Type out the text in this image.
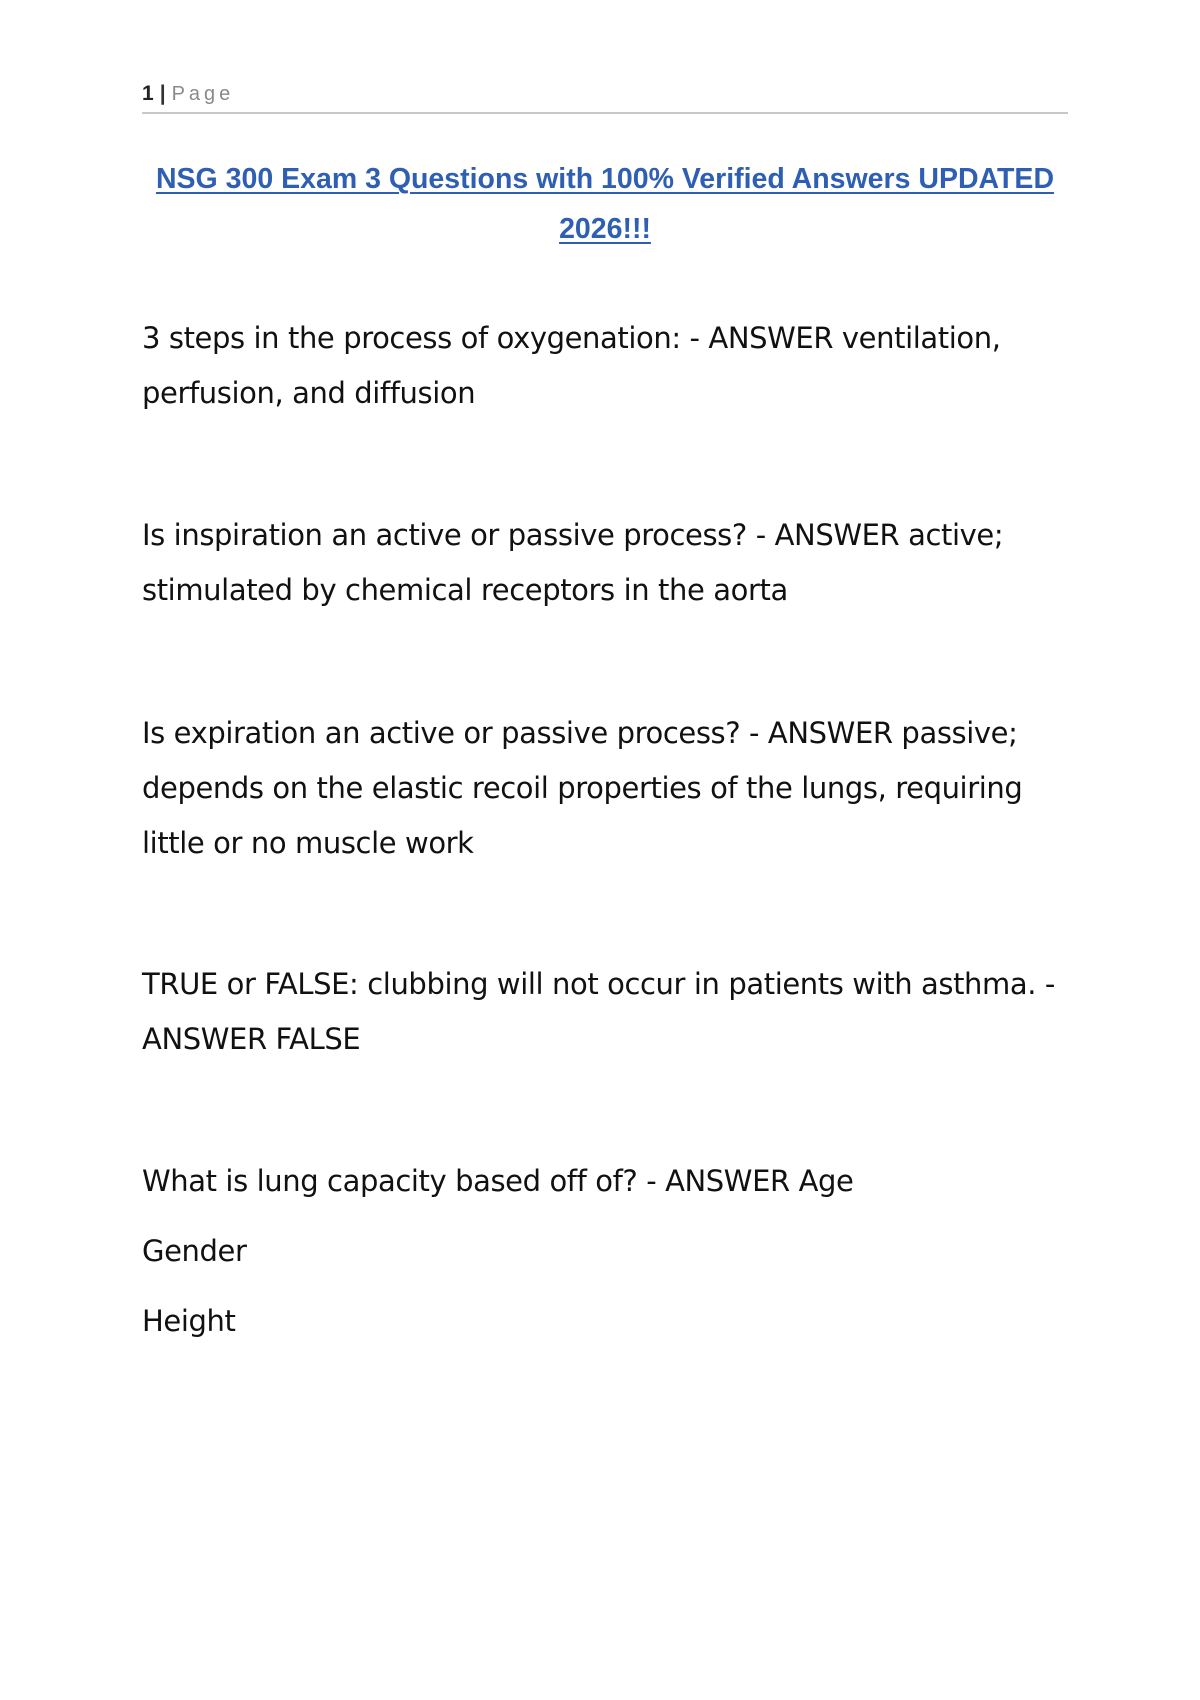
1 | Page
NSG 300 Exam 3 Questions with 100% Verified Answers UPDATED 2026!!!

3 steps in the process of oxygenation: - ANSWER ventilation, perfusion, and diffusion

Is inspiration an active or passive process? - ANSWER active; stimulated by chemical receptors in the aorta

Is expiration an active or passive process? - ANSWER passive; depends on the elastic recoil properties of the lungs, requiring little or no muscle work

TRUE or FALSE: clubbing will not occur in patients with asthma. - ANSWER FALSE

What is lung capacity based off of? - ANSWER Age

Gender

Height
